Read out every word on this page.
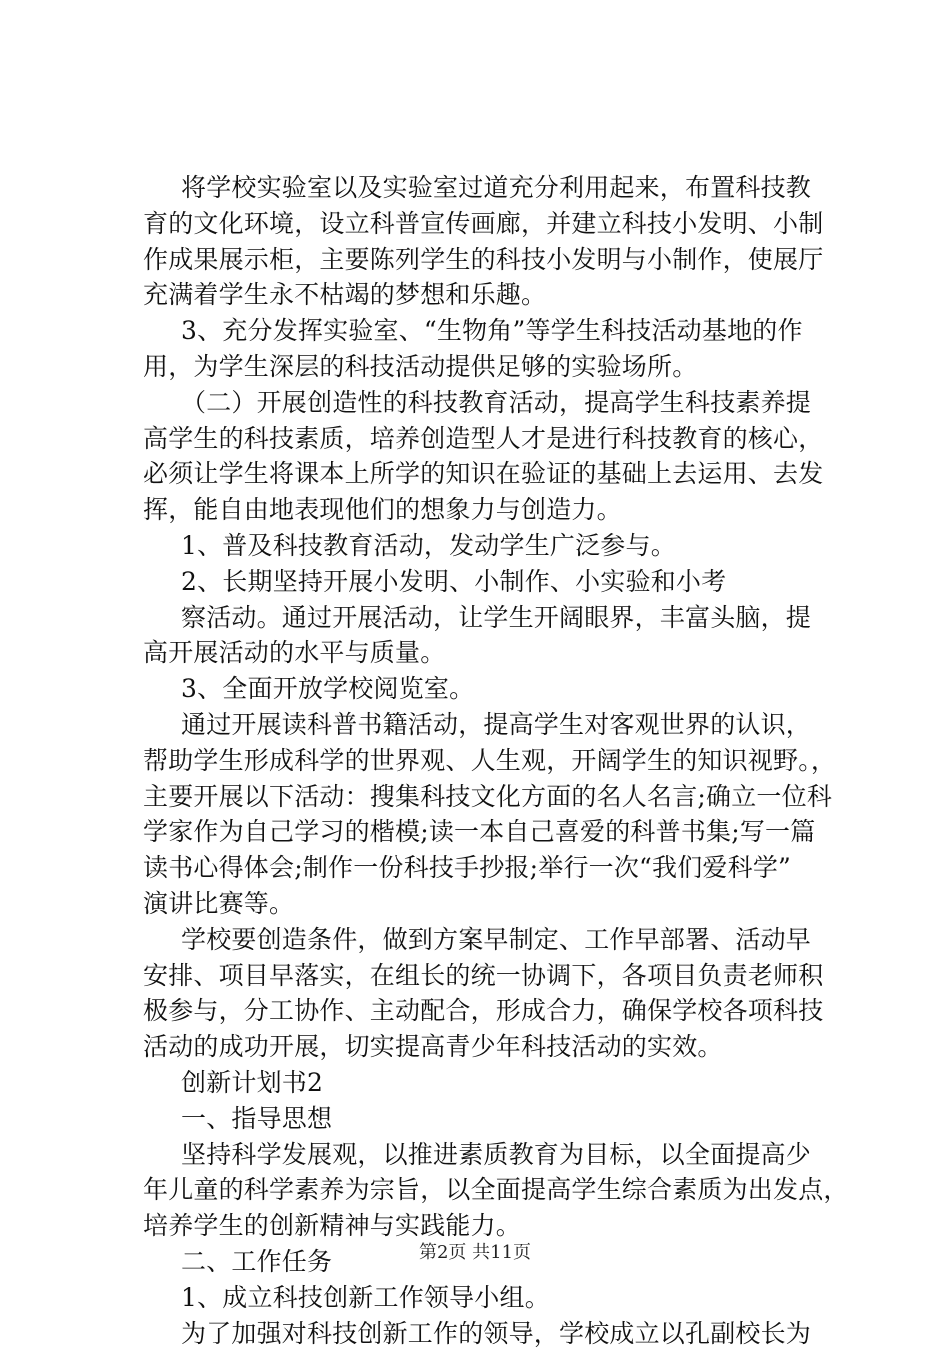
将学校实验室以及实验室过道充分利用起来，布置科技教
育的文化环境，设立科普宣传画廊，并建立科技小发明、小制
作成果展示柜，主要陈列学生的科技小发明与小制作，使展厅
充满着学生永不枯竭的梦想和乐趣。
3、充分发挥实验室、“生物角”等学生科技活动基地的作
用，为学生深层的科技活动提供足够的实验场所。
（二）开展创造性的科技教育活动，提高学生科技素养提
高学生的科技素质，培养创造型人才是进行科技教育的核心，
必须让学生将课本上所学的知识在验证的基础上去运用、去发
挥，能自由地表现他们的想象力与创造力。
1、普及科技教育活动，发动学生广泛参与。
2、长期坚持开展小发明、小制作、小实验和小考
察活动。通过开展活动，让学生开阔眼界，丰富头脑，提
高开展活动的水平与质量。
3、全面开放学校阅览室。
通过开展读科普书籍活动，提高学生对客观世界的认识，
帮助学生形成科学的世界观、人生观，开阔学生的知识视野。，
主要开展以下活动：搜集科技文化方面的名人名言;确立一位科
学家作为自己学习的楷模;读一本自己喜爱的科普书集;写一篇
读书心得体会;制作一份科技手抄报;举行一次“我们爱科学”
演讲比赛等。
学校要创造条件，做到方案早制定、工作早部署、活动早
安排、项目早落实，在组长的统一协调下，各项目负责老师积
极参与，分工协作、主动配合，形成合力，确保学校各项科技
活动的成功开展，切实提高青少年科技活动的实效。
创新计划书2
一、指导思想
坚持科学发展观，以推进素质教育为目标，以全面提高少
年儿童的科学素养为宗旨，以全面提高学生综合素质为出发点，
培养学生的创新精神与实践能力。
二、工作任务
1、成立科技创新工作领导小组。
为了加强对科技创新工作的领导，学校成立以孔副校长为
第2页 共11页
